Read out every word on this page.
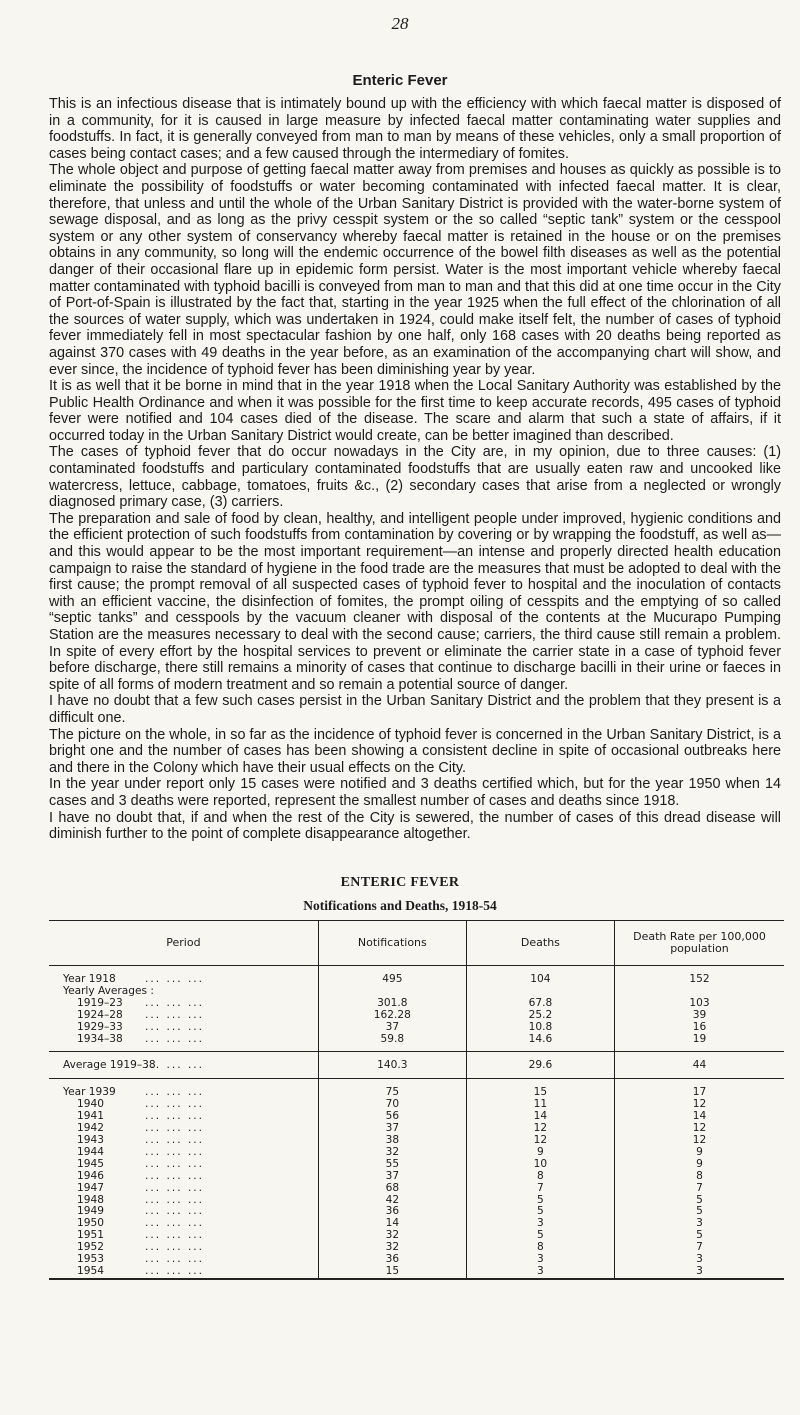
28
Enteric Fever

This is an infectious disease that is intimately bound up with the efficiency with which faecal matter is disposed of in a community, for it is caused in large measure by infected faecal matter contaminating water supplies and foodstuffs. In fact, it is generally conveyed from man to man by means of these vehicles, only a small proportion of cases being contact cases; and a few caused through the intermediary of fomites.

The whole object and purpose of getting faecal matter away from premises and houses as quickly as possible is to eliminate the possibility of foodstuffs or water becoming contaminated with infected faecal matter. It is clear, therefore, that unless and until the whole of the Urban Sanitary District is provided with the water-borne system of sewage disposal, and as long as the privy cesspit system or the so called “septic tank” system or the cesspool system or any other system of conservancy whereby faecal matter is retained in the house or on the premises obtains in any community, so long will the endemic occurrence of the bowel filth diseases as well as the potential danger of their occasional flare up in epidemic form persist. Water is the most important vehicle whereby faecal matter contaminated with typhoid bacilli is conveyed from man to man and that this did at one time occur in the City of Port-of-Spain is illustrated by the fact that, starting in the year 1925 when the full effect of the chlorination of all the sources of water supply, which was undertaken in 1924, could make itself felt, the number of cases of typhoid fever immediately fell in most spectacular fashion by one half, only 168 cases with 20 deaths being reported as against 370 cases with 49 deaths in the year before, as an examination of the accompanying chart will show, and ever since, the incidence of typhoid fever has been diminishing year by year.

It is as well that it be borne in mind that in the year 1918 when the Local Sanitary Authority was established by the Public Health Ordinance and when it was possible for the first time to keep accurate records, 495 cases of typhoid fever were notified and 104 cases died of the disease. The scare and alarm that such a state of affairs, if it occurred today in the Urban Sanitary District would create, can be better imagined than described.

The cases of typhoid fever that do occur nowadays in the City are, in my opinion, due to three causes: (1) contaminated foodstuffs and particulary contaminated foodstuffs that are usually eaten raw and uncooked like watercress, lettuce, cabbage, tomatoes, fruits &c., (2) secondary cases that arise from a neglected or wrongly diagnosed primary case, (3) carriers.

The preparation and sale of food by clean, healthy, and intelligent people under improved, hygienic conditions and the efficient protection of such foodstuffs from contamination by covering or by wrapping the foodstuff, as well as—and this would appear to be the most important requirement—an intense and properly directed health education campaign to raise the standard of hygiene in the food trade are the measures that must be adopted to deal with the first cause; the prompt removal of all suspected cases of typhoid fever to hospital and the inoculation of contacts with an efficient vaccine, the disinfection of fomites, the prompt oiling of cesspits and the emptying of so called “septic tanks” and cesspools by the vacuum cleaner with disposal of the contents at the Mucurapo Pumping Station are the measures necessary to deal with the second cause; carriers, the third cause still remain a problem. In spite of every effort by the hospital services to prevent or eliminate the carrier state in a case of typhoid fever before discharge, there still remains a minority of cases that continue to discharge bacilli in their urine or faeces in spite of all forms of modern treatment and so remain a potential source of danger.

I have no doubt that a few such cases persist in the Urban Sanitary District and the problem that they present is a difficult one.

The picture on the whole, in so far as the incidence of typhoid fever is concerned in the Urban Sanitary District, is a bright one and the number of cases has been showing a consistent decline in spite of occasional outbreaks here and there in the Colony which have their usual effects on the City.

In the year under report only 15 cases were notified and 3 deaths certified which, but for the year 1950 when 14 cases and 3 deaths were reported, represent the smallest number of cases and deaths since 1918.

I have no doubt that, if and when the rest of the City is sewered, the number of cases of this dread disease will diminish further to the point of complete disappearance altogether.

ENTERIC FEVER
Notifications and Deaths, 1918-54
Period	Notifications	Deaths	Death Rate per 100,000 population
Year 1918 ... ... ...	495	104	152
Yearly Averages :			
1919–23 ... ... ...	301.8	67.8	103
1924–28 ... ... ...	162.28	25.2	39
1929–33 ... ... ...	37	10.8	16
1934–38 ... ... ...	59.8	14.6	19
Average 1919–38... ... ...	140.3	29.6	44
Year 1939 ... ... ...	75	15	17
1940 ... ... ...	70	11	12
1941 ... ... ...	56	14	14
1942 ... ... ...	37	12	12
1943 ... ... ...	38	12	12
1944 ... ... ...	32	9	9
1945 ... ... ...	55	10	9
1946 ... ... ...	37	8	8
1947 ... ... ...	68	7	7
1948 ... ... ...	42	5	5
1949 ... ... ...	36	5	5
1950 ... ... ...	14	3	3
1951 ... ... ...	32	5	5
1952 ... ... ...	32	8	7
1953 ... ... ...	36	3	3
1954 ... ... ...	15	3	3
